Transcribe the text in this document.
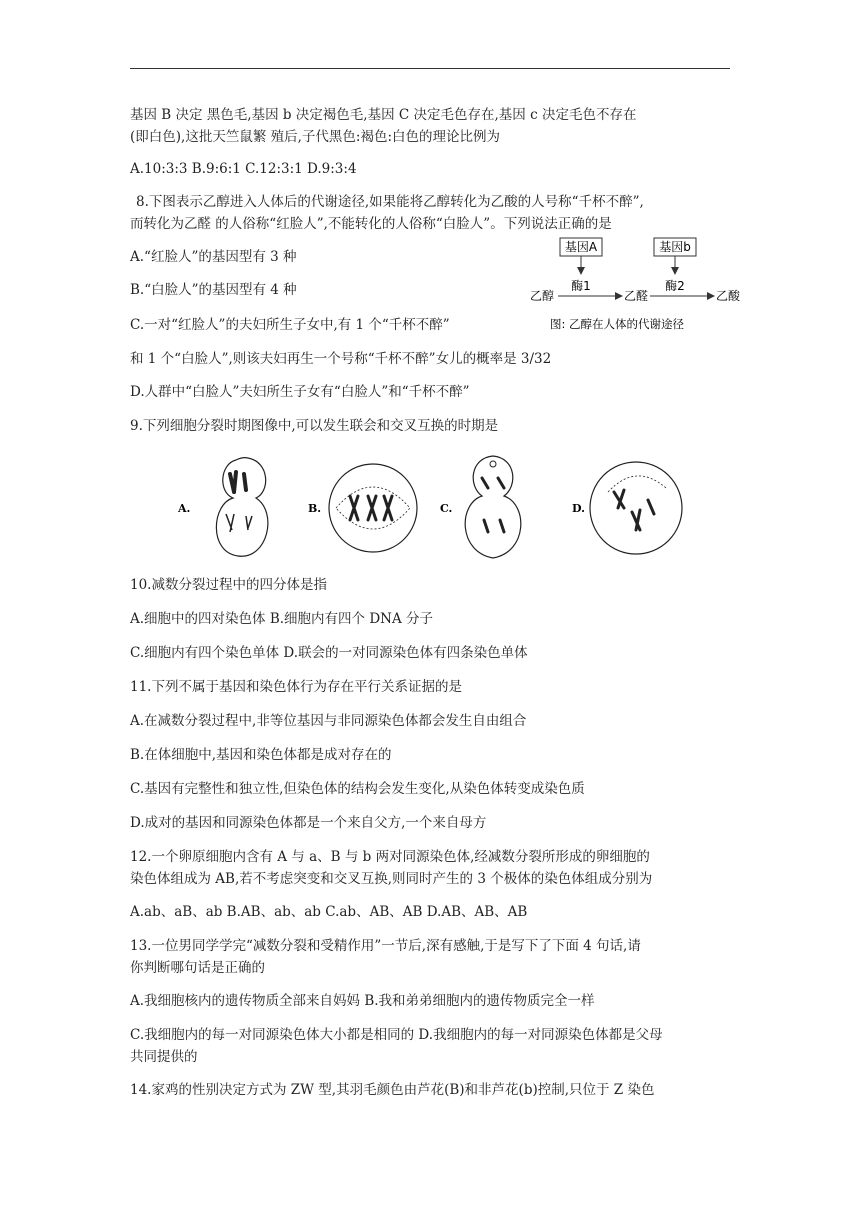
基因 B 决定 黑色毛,基因 b 决定褐色毛,基因 C 决定毛色存在,基因 c 决定毛色不存在
(即白色),这批天竺鼠繁 殖后,子代黑色:褐色:白色的理论比例为
A.10:3:3 B.9:6:1 C.12:3:1 D.9:3:4
8.下图表示乙醇进入人体后的代谢途径,如果能将乙醇转化为乙酸的人号称“千杯不醉”,
而转化为乙醛 的人俗称“红脸人”,不能转化的人俗称“白脸人”。下列说法正确的是
A.“红脸人”的基因型有 3 种
B.“白脸人”的基因型有 4 种
C.一对“红脸人”的夫妇所生子女中,有 1 个“千杯不醉”
和 1 个“白脸人”,则该夫妇再生一个号称“千杯不醉”女儿的概率是 3/32
D.人群中“白脸人”夫妇所生子女有“白脸人”和“千杯不醉”
9.下列细胞分裂时期图像中,可以发生联会和交叉互换的时期是
基因A	基因b
酶1	酶2
乙醇	乙醛	乙酸
图: 乙醇在人体的代谢途径
A.	B.	C.	D.
10.减数分裂过程中的四分体是指
A.细胞中的四对染色体 B.细胞内有四个 DNA 分子
C.细胞内有四个染色单体 D.联会的一对同源染色体有四条染色单体
11.下列不属于基因和染色体行为存在平行关系证据的是
A.在减数分裂过程中,非等位基因与非同源染色体都会发生自由组合
B.在体细胞中,基因和染色体都是成对存在的
C.基因有完整性和独立性,但染色体的结构会发生变化,从染色体转变成染色质
D.成对的基因和同源染色体都是一个来自父方,一个来自母方
12.一个卵原细胞内含有 A 与 a、B 与 b 两对同源染色体,经减数分裂所形成的卵细胞的
染色体组成为 AB,若不考虑突变和交叉互换,则同时产生的 3 个极体的染色体组成分别为
A.ab、aB、ab B.AB、ab、ab C.ab、AB、AB D.AB、AB、AB
13.一位男同学学完“减数分裂和受精作用”一节后,深有感触,于是写下了下面 4 句话,请
你判断哪句话是正确的
A.我细胞核内的遗传物质全部来自妈妈 B.我和弟弟细胞内的遗传物质完全一样
C.我细胞内的每一对同源染色体大小都是相同的 D.我细胞内的每一对同源染色体都是父母
共同提供的
14.家鸡的性别决定方式为 ZW 型,其羽毛颜色由芦花(B)和非芦花(b)控制,只位于 Z 染色
